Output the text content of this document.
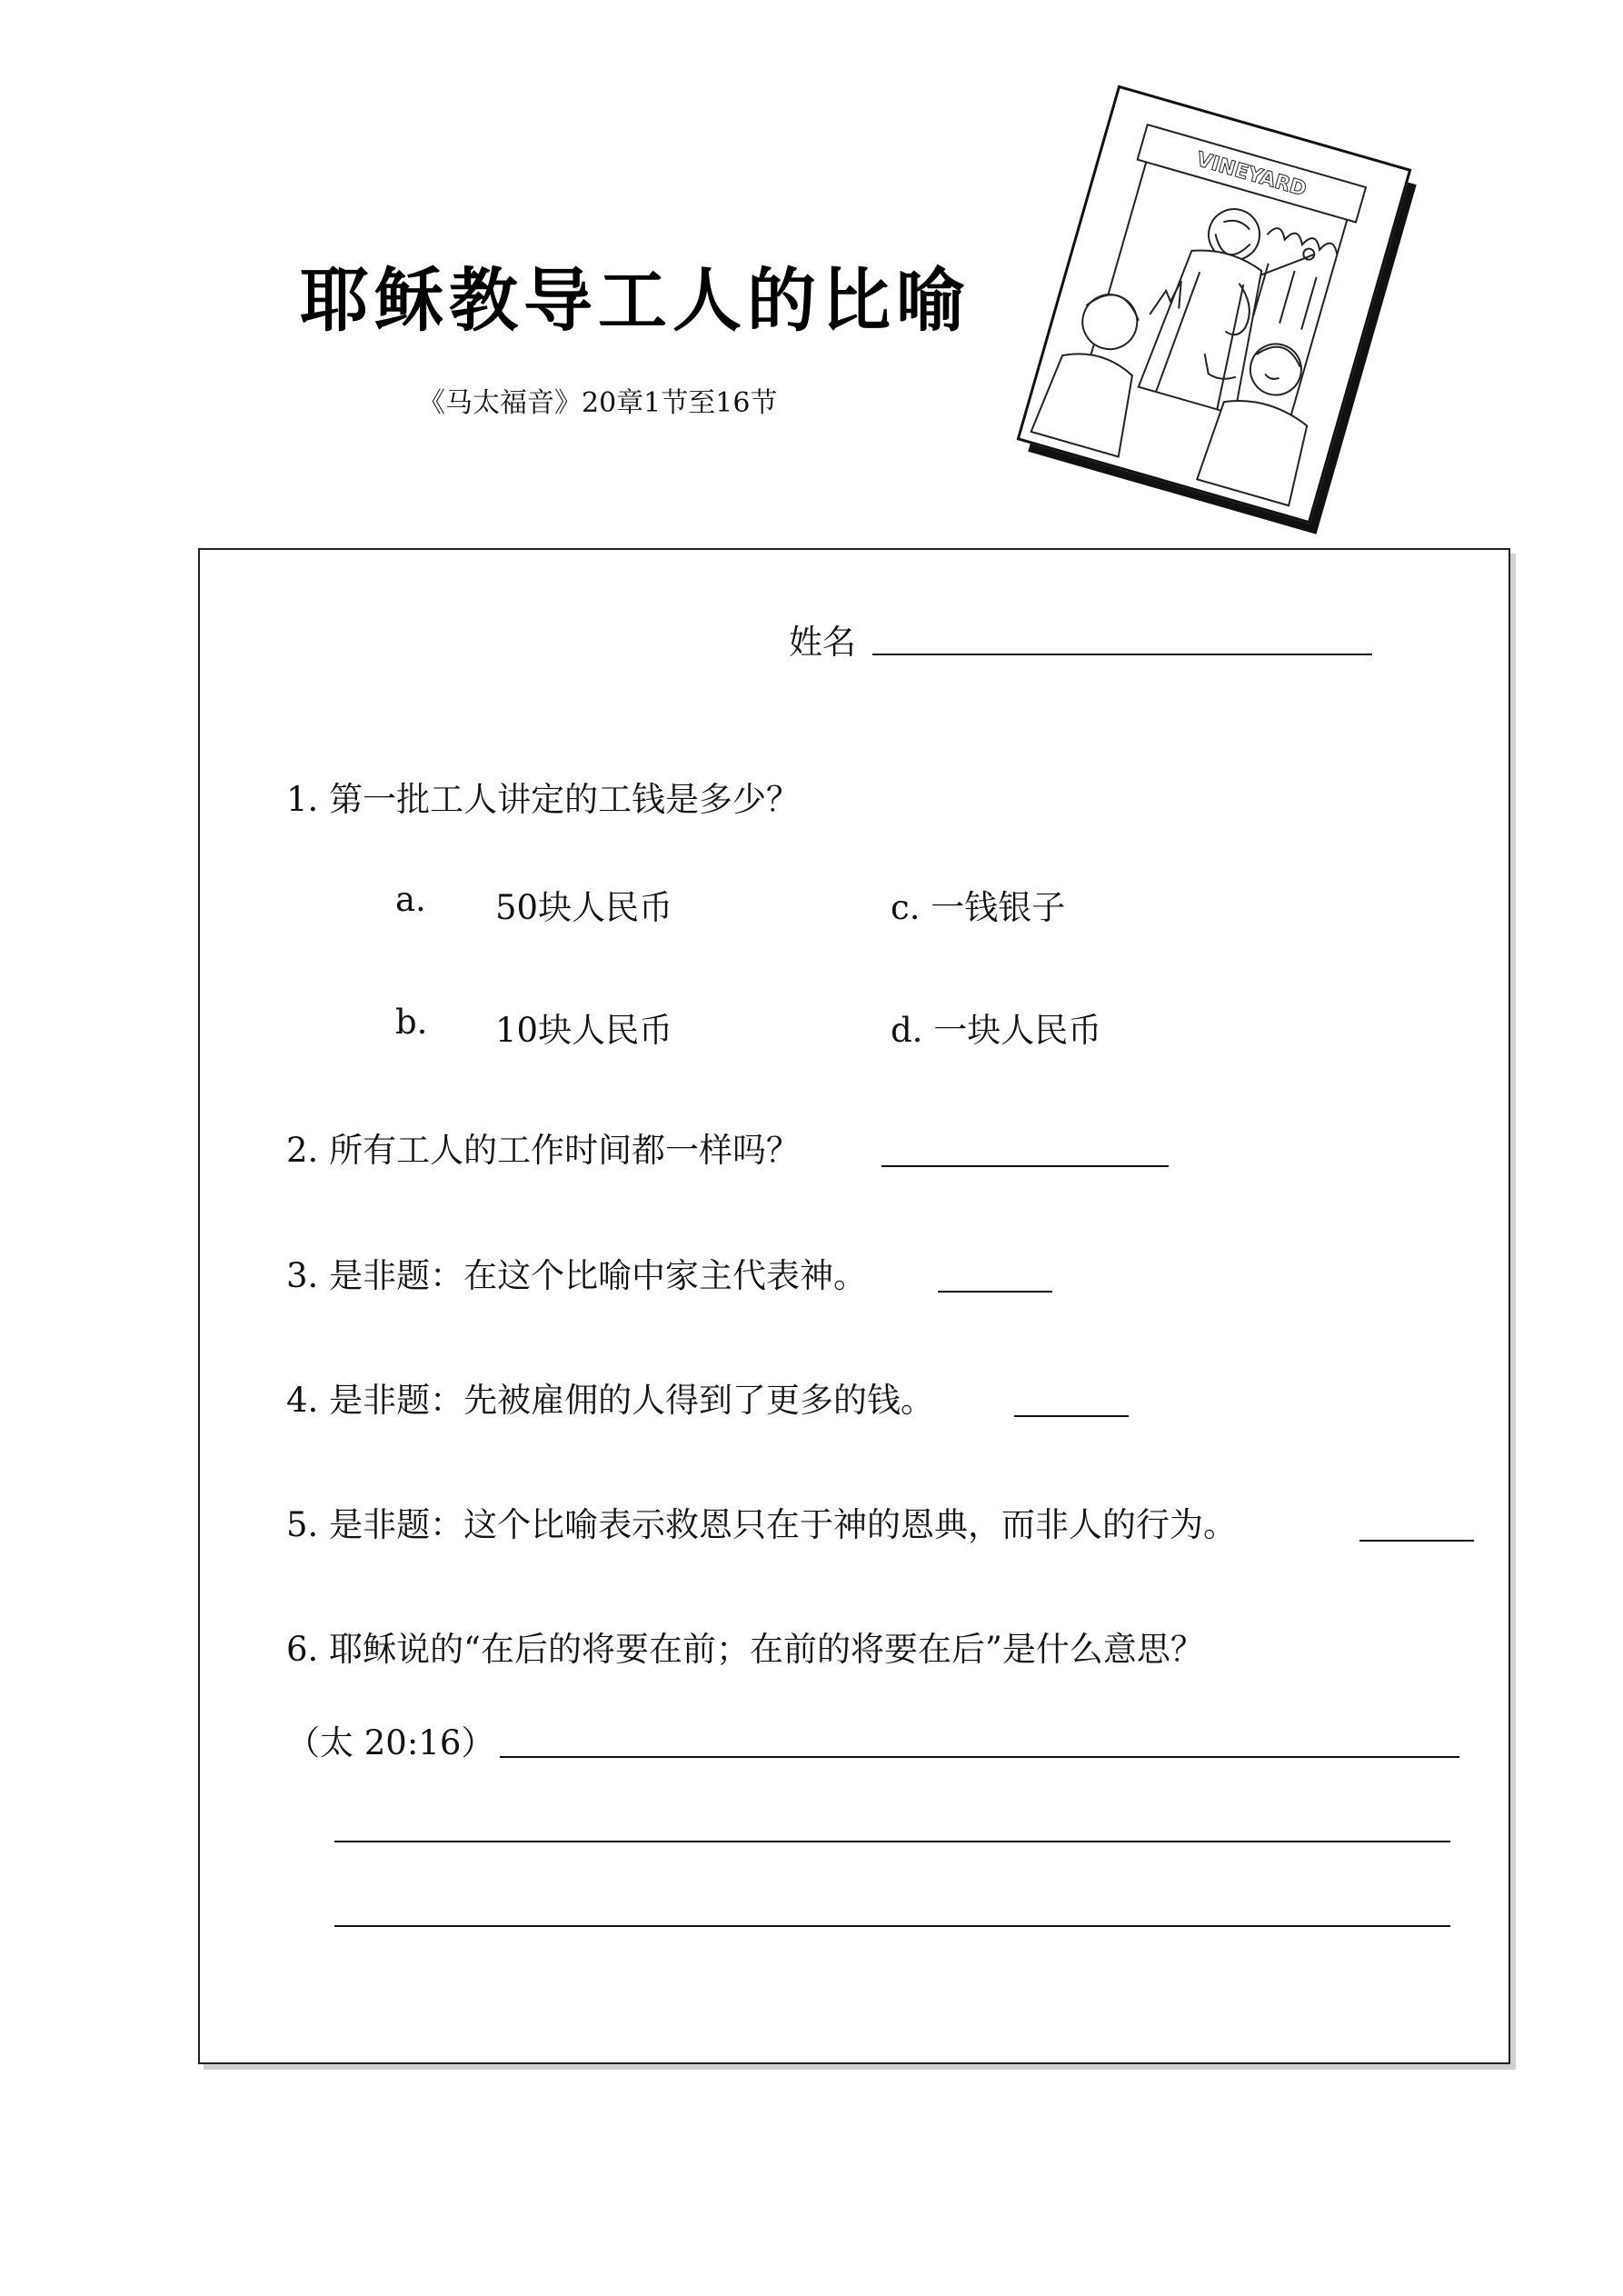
耶稣教导工人的比喻
《马太福音》20章1节至16节
VINEYARD
姓名
1. 第一批工人讲定的工钱是多少？
a. 50块人民币	c. 一钱银子
b. 10块人民币	d. 一块人民币
2. 所有工人的工作时间都一样吗？
3. 是非题：在这个比喻中家主代表神。
4. 是非题：先被雇佣的人得到了更多的钱。
5. 是非题：这个比喻表示救恩只在于神的恩典，而非人的行为。
6. 耶稣说的“在后的将要在前；在前的将要在后”是什么意思？
（太 20:16）
